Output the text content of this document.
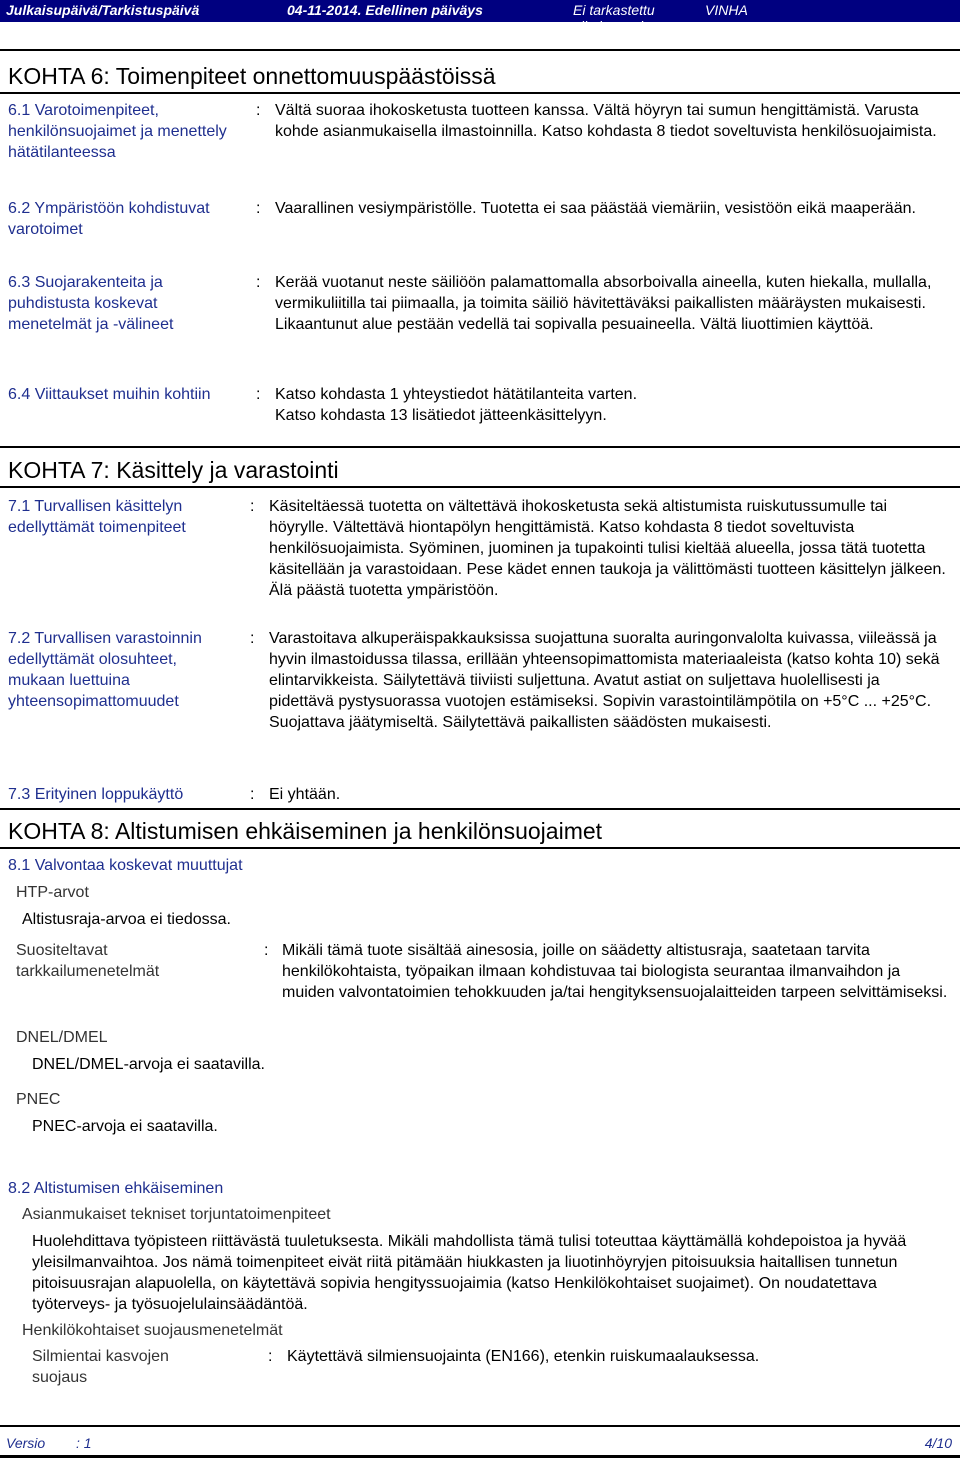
Julkaisupäivä/Tarkistuspäivä	04-11-2014. Edellinen päiväys	Ei tarkastettu aikaisemmin.
VINHA
KOHTA 6: Toimenpiteet onnettomuuspäästöissä
6.1 Varotoimenpiteet, henkilönsuojaimet ja menettely hätätilanteessa
: Vältä suoraa ihokosketusta tuotteen kanssa. Vältä höyryn tai sumun hengittämistä. Varusta kohde asianmukaisella ilmastoinnilla. Katso kohdasta 8 tiedot soveltuvista henkilösuojaimista.
6.2 Ympäristöön kohdistuvat varotoimet
: Vaarallinen vesiympäristölle. Tuotetta ei saa päästää viemäriin, vesistöön eikä maaperään.
6.3 Suojarakenteita ja puhdistusta koskevat menetelmät ja -välineet
: Kerää vuotanut neste säiliöön palamattomalla absorboivalla aineella, kuten hiekalla, mullalla, vermikuliitilla tai piimaalla, ja toimita säiliö hävitettäväksi paikallisten määräysten mukaisesti. Likaantunut alue pestään vedellä tai sopivalla pesuaineella. Vältä liuottimien käyttöä.
6.4 Viittaukset muihin kohtiin	: Katso kohdasta 1 yhteystiedot hätätilanteita varten.
Katso kohdasta 13 lisätiedot jätteenkäsittelyyn.
KOHTA 7: Käsittely ja varastointi
7.1 Turvallisen käsittelyn edellyttämät toimenpiteet
: Käsiteltäessä tuotetta on vältettävä ihokosketusta sekä altistumista ruiskutussumulle tai höyrylle. Vältettävä hiontapölyn hengittämistä. Katso kohdasta 8 tiedot soveltuvista henkilösuojaimista. Syöminen, juominen ja tupakointi tulisi kieltää alueella, jossa tätä tuotetta käsitellään ja varastoidaan. Pese kädet ennen taukoja ja välittömästi tuotteen käsittelyn jälkeen. Älä päästä tuotetta ympäristöön.
7.2 Turvallisen varastoinnin edellyttämät olosuhteet, mukaan luettuina yhteensopimattomuudet
: Varastoitava alkuperäispakkauksissa suojattuna suoralta auringonvalolta kuivassa, viileässä ja hyvin ilmastoidussa tilassa, erillään yhteensopimattomista materiaaleista (katso kohta 10) sekä elintarvikkeista. Säilytettävä tiiviisti suljettuna. Avatut astiat on suljettava huolellisesti ja pidettävä pystysuorassa vuotojen estämiseksi. Sopivin varastointilämpötila on +5°C ... +25°C. Suojattava jäätymiseltä. Säilytettävä paikallisten säädösten mukaisesti.
7.3 Erityinen loppukäyttö	: Ei yhtään.
KOHTA 8: Altistumisen ehkäiseminen ja henkilönsuojaimet
8.1 Valvontaa koskevat muuttujat
HTP-arvot
Altistusraja-arvoa ei tiedossa.
Suositeltavat tarkkailumenetelmät
: Mikäli tämä tuote sisältää ainesosia, joille on säädetty altistusraja, saatetaan tarvita henkilökohtaista, työpaikan ilmaan kohdistuvaa tai biologista seurantaa ilmanvaihdon ja muiden valvontatoimien tehokkuuden ja/tai hengityksensuojalaitteiden tarpeen selvittämiseksi.
DNEL/DMEL
DNEL/DMEL-arvoja ei saatavilla.
PNEC
PNEC-arvoja ei saatavilla.
8.2 Altistumisen ehkäiseminen
Asianmukaiset tekniset torjuntatoimenpiteet
Huolehdittava työpisteen riittävästä tuuletuksesta. Mikäli mahdollista tämä tulisi toteuttaa käyttämällä kohdepoistoa ja hyvää yleisilmanvaihtoa. Jos nämä toimenpiteet eivät riitä pitämään hiukkasten ja liuotinhöyryjen pitoisuuksia haitallisen tunnetun pitoisuusrajan alapuolella, on käytettävä sopivia hengityssuojaimia (katso Henkilökohtaiset suojaimet). On noudatettava työterveys- ja työsuojelulainsäädäntöä.
Henkilökohtaiset suojausmenetelmät
Silmientai kasvojen suojaus
: Käytettävä silmiensuojainta (EN166), etenkin ruiskumaalauksessa.
Versio : 1	4/10
